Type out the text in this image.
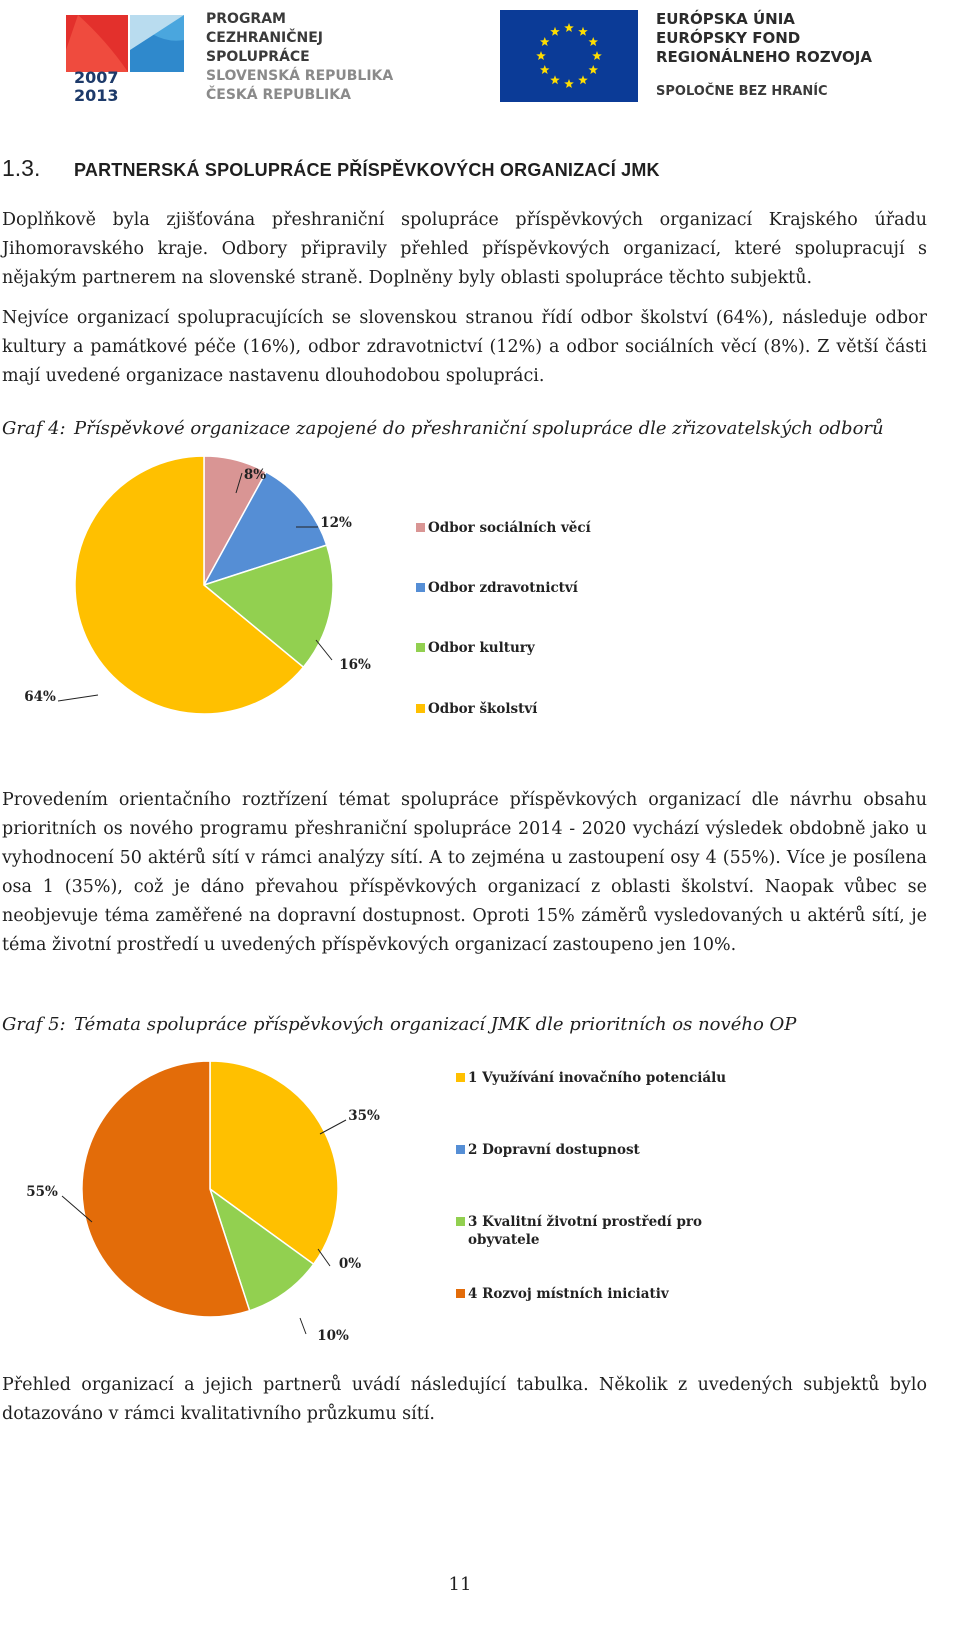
2007
2013
PROGRAM
CEZHRANIČNEJ
SPOLUPRÁCE
SLOVENSKÁ REPUBLIKA
ČESKÁ REPUBLIKA
EURÓPSKA ÚNIA
EURÓPSKY FOND
REGIONÁLNEHO ROZVOJA
SPOLOČNE BEZ HRANÍC
1.3. PARTNERSKÁ SPOLUPRÁCE PŘÍSPĚVKOVÝCH ORGANIZACÍ JMK

Doplňkově byla zjišťována přeshraniční spolupráce příspěvkových organizací Krajského úřadu Jihomoravského kraje. Odbory připravily přehled příspěvkových organizací, které spolupracují s nějakým partnerem na slovenské straně. Doplněny byly oblasti spolupráce těchto subjektů.

Nejvíce organizací spolupracujících se slovenskou stranou řídí odbor školství (64%), následuje odbor kultury a památkové péče (16%), odbor zdravotnictví (12%) a odbor sociálních věcí (8%). Z větší části mají uvedené organizace nastavenu dlouhodobou spolupráci.

Graf 4: Příspěvkové organizace zapojené do přeshraniční spolupráce dle zřizovatelských odborů

8%
12%
16%
64%
Odbor sociálních věcí
Odbor zdravotnictví
Odbor kultury
Odbor školství

Provedením orientačního roztřízení témat spolupráce příspěvkových organizací dle návrhu obsahu prioritních os nového programu přeshraniční spolupráce 2014 - 2020 vychází výsledek obdobně jako u vyhodnocení 50 aktérů sítí v rámci analýzy sítí. A to zejména u zastoupení osy 4 (55%). Více je posílena osa 1 (35%), což je dáno převahou příspěvkových organizací z oblasti školství. Naopak vůbec se neobjevuje téma zaměřené na dopravní dostupnost. Oproti 15% záměrů vysledovaných u aktérů sítí, je téma životní prostředí u uvedených příspěvkových organizací zastoupeno jen 10%.

Graf 5: Témata spolupráce příspěvkových organizací JMK dle prioritních os nového OP

35%
0%
10%
55%
1 Využívání inovačního potenciálu
2 Dopravní dostupnost
3 Kvalitní životní prostředí pro obyvatele
4 Rozvoj místních iniciativ

Přehled organizací a jejich partnerů uvádí následující tabulka. Několik z uvedených subjektů bylo dotazováno v rámci kvalitativního průzkumu sítí.

11
